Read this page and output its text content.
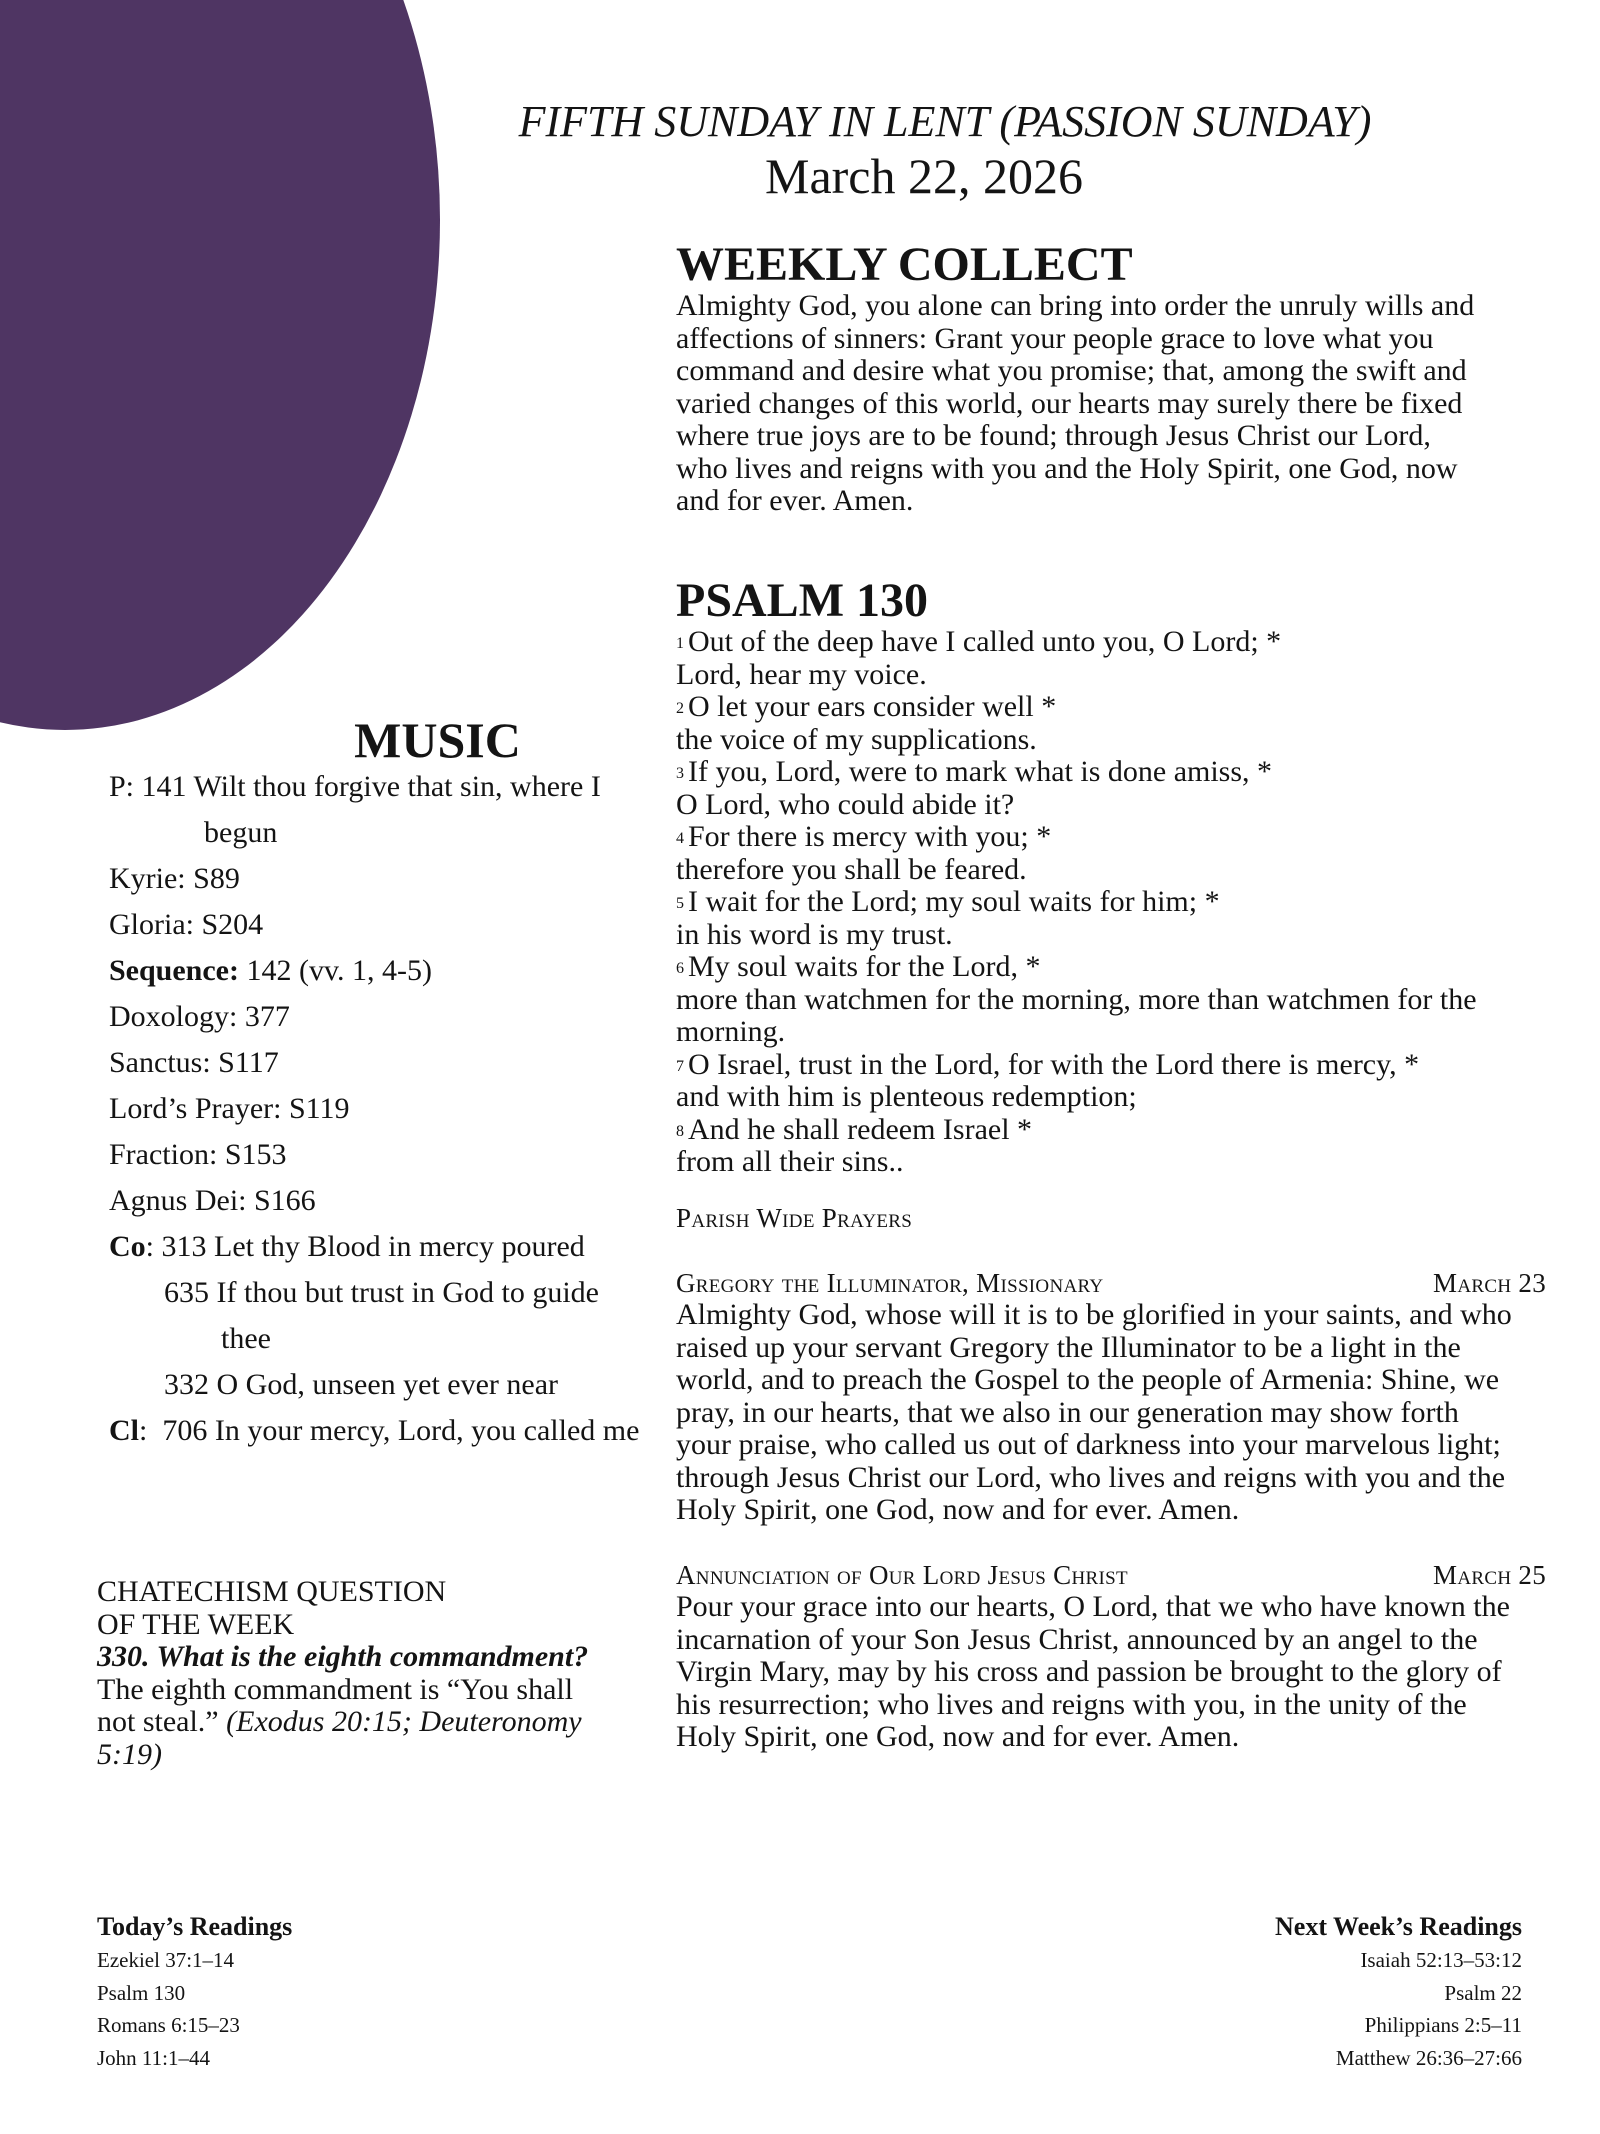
FIFTH SUNDAY IN LENT (PASSION SUNDAY)
March 22, 2026
WEEKLY COLLECT
Almighty God, you alone can bring into order the unruly wills and
affections of sinners: Grant your people grace to love what you
command and desire what you promise; that, among the swift and
varied changes of this world, our hearts may surely there be fixed
where true joys are to be found; through Jesus Christ our Lord,
who lives and reigns with you and the Holy Spirit, one God, now
and for ever. Amen.
PSALM 130
$^1$ Out of the deep have I called unto you, O Lord; *
Lord, hear my voice.
$^2$ O let your ears consider well *
the voice of my supplications.
$^3$ If you, Lord, were to mark what is done amiss, *
O Lord, who could abide it?
$^4$ For there is mercy with you; *
therefore you shall be feared.
$^5$ I wait for the Lord; my soul waits for him; *
in his word is my trust.
$^6$ My soul waits for the Lord, *
more than watchmen for the morning, more than watchmen for the
morning.
$^7$ O Israel, trust in the Lord, for with the Lord there is mercy, *
and with him is plenteous redemption;
$^8$ And he shall redeem Israel *
from all their sins..
Parish Wide Prayers
Gregory the Illuminator, Missionary	March 23
Almighty God, whose will it is to be glorified in your saints, and who
raised up your servant Gregory the Illuminator to be a light in the
world, and to preach the Gospel to the people of Armenia: Shine, we
pray, in our hearts, that we also in our generation may show forth
your praise, who called us out of darkness into your marvelous light;
through Jesus Christ our Lord, who lives and reigns with you and the
Holy Spirit, one God, now and for ever. Amen.
Annunciation of Our Lord Jesus Christ	March 25
Pour your grace into our hearts, O Lord, that we who have known the
incarnation of your Son Jesus Christ, announced by an angel to the
Virgin Mary, may by his cross and passion be brought to the glory of
his resurrection; who lives and reigns with you, in the unity of the
Holy Spirit, one God, now and for ever. Amen.
MUSIC
P: 141 Wilt thou forgive that sin, where I
begun
Kyrie: S89
Gloria: S204
Sequence: 142 (vv. 1, 4-5)
Doxology: 377
Sanctus: S117
Lord’s Prayer: S119
Fraction: S153
Agnus Dei: S166
Co: 313 Let thy Blood in mercy poured
635 If thou but trust in God to guide
thee
332 O God, unseen yet ever near
Cl:  706 In your mercy, Lord, you called me
CHATECHISM QUESTION
OF THE WEEK
330. What is the eighth commandment?
The eighth commandment is “You shall
not steal.” (Exodus 20:15; Deuteronomy
5:19)
Today’s Readings
Ezekiel 37:1–14
Psalm 130
Romans 6:15–23
John 11:1–44
Next Week’s Readings
Isaiah 52:13–53:12
Psalm 22
Philippians 2:5–11
Matthew 26:36–27:66
